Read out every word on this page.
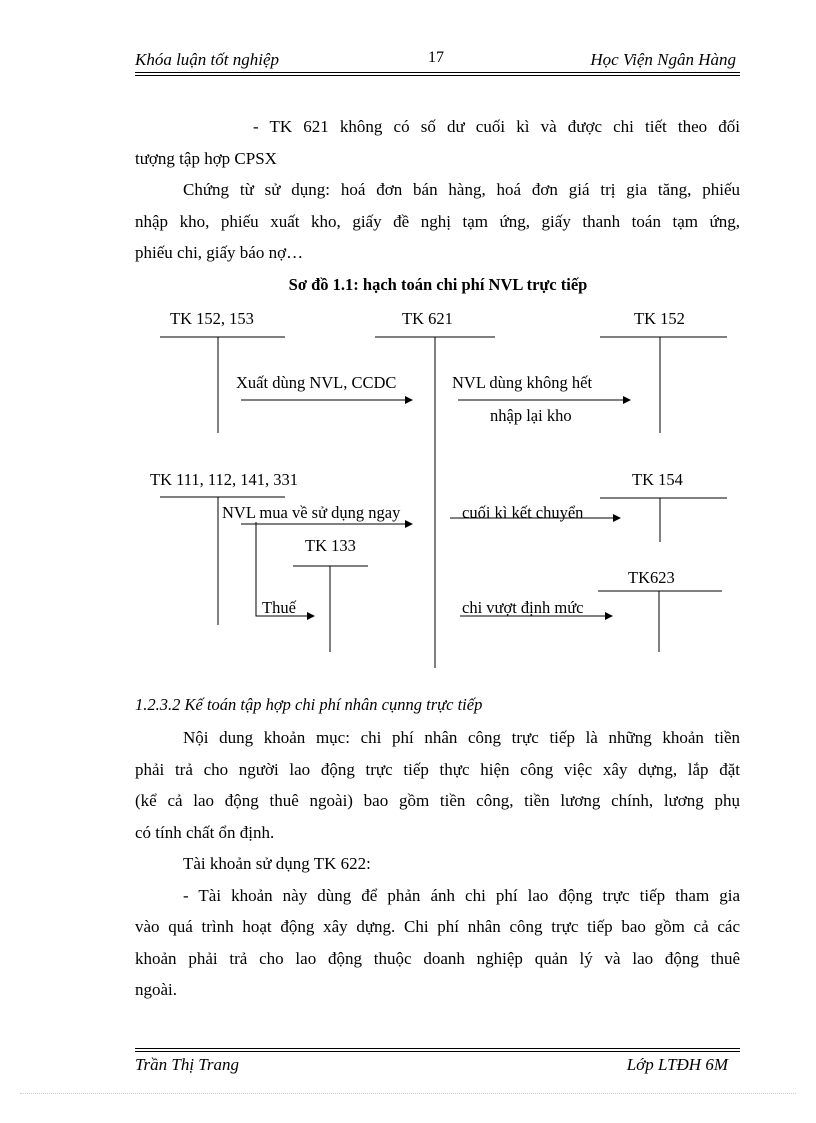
Khóa luận tốt nghiệp	17	Học Viện Ngân Hàng
- TK 621 không có số dư cuối kì và được chi tiết theo đối
tượng tập hợp CPSX
Chứng từ sử dụng: hoá đơn bán hàng, hoá đơn giá trị gia tăng, phiếu
nhập kho, phiếu xuất kho, giấy đề nghị tạm ứng, giấy thanh toán tạm ứng,
phiếu chi, giấy báo nợ…
Sơ đồ 1.1: hạch toán chi phí NVL trực tiếp
TK 152, 153	TK 621	TK 152
Xuất dùng NVL, CCDC	NVL dùng không hết
nhập lại kho
TK 111, 112, 141, 331	TK 154
NVL mua về sử dụng ngay	cuối kì kết chuyển
TK 133
TK623
Thuế	chi vượt định mức
1.2.3.2 Kế toán tập hợp chi phí nhân cụnng trực tiếp
Nội dung khoản mục: chi phí nhân công trực tiếp là những khoản tiền
phải trả cho người lao động trực tiếp thực hiện công việc xây dựng, lắp đặt
(kể cả lao động thuê ngoài) bao gồm tiền công, tiền lương chính, lương phụ
có tính chất ổn định.
Tài khoản sử dụng TK 622:
- Tài khoản này dùng để phản ánh chi phí lao động trực tiếp tham gia
vào quá trình hoạt động xây dựng. Chi phí nhân công trực tiếp bao gồm cả các
khoản phải trả cho lao động thuộc doanh nghiệp quản lý và lao động thuê
ngoài.
Trần Thị Trang	Lớp LTĐH 6M
